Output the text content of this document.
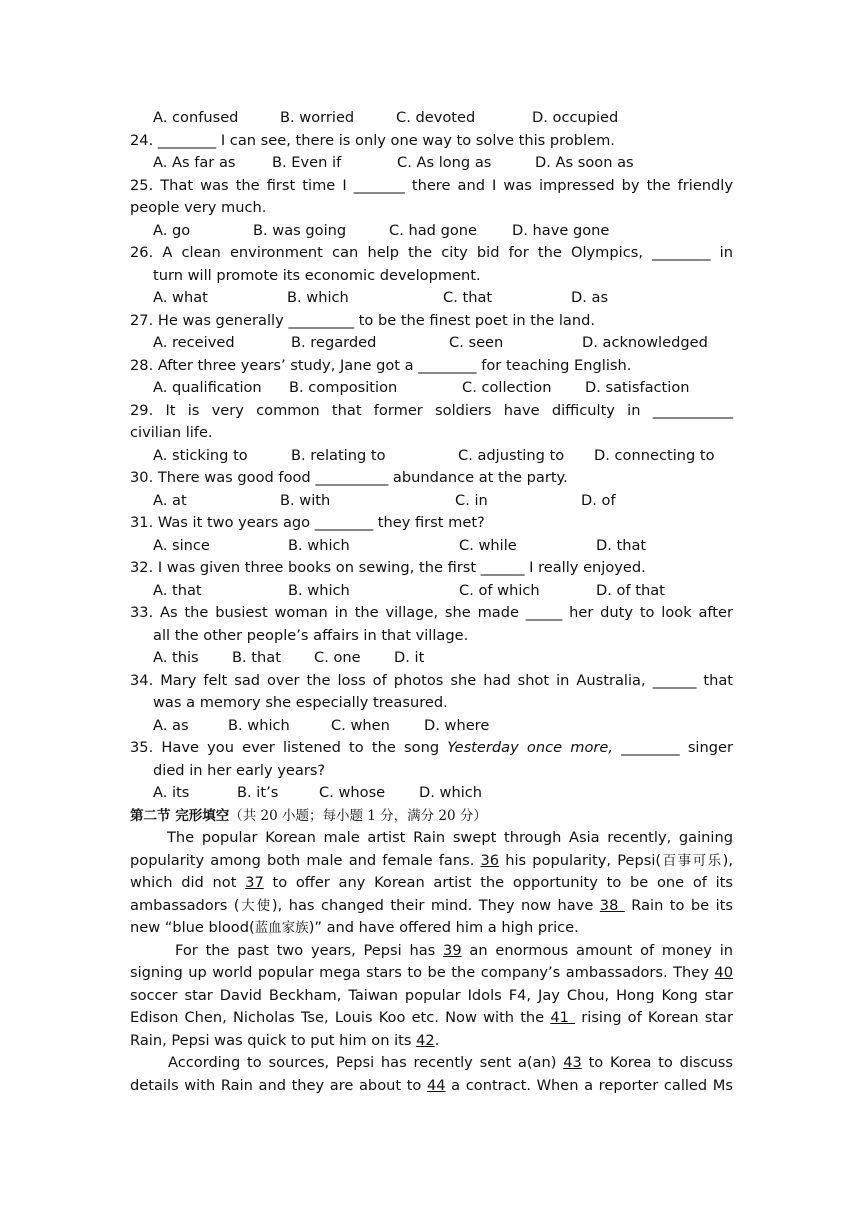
A. confused	B. worried	C. devoted	D. occupied
24. ________ I can see, there is only one way to solve this problem.
A. As far as	B. Even if	C. As long as	D. As soon as
25. That was the first time I _______ there and I was impressed by the friendly
people very much.
A. go	B. was going	C. had gone D. have gone
26. A clean environment can help the city bid for the Olympics, ________ in
turn will promote its economic development.
A. what	B. which	C. that	D. as
27. He was generally _________ to be the finest poet in the land.
A. received	B. regarded	C. seen	D. acknowledged
28. After three years’ study, Jane got a ________ for teaching English.
A. qualification B. composition	C. collection D. satisfaction
29. It is very common that former soldiers have difficulty in ___________
civilian life.
A. sticking to	B. relating to	C. adjusting to D. connecting to
30. There was good food __________ abundance at the party.
A. at	B. with	C. in	D. of
31. Was it two years ago ________ they first met?
A. since	B. which	C. while	D. that
32. I was given three books on sewing, the first ______ I really enjoyed.
A. that	B. which	C. of which	D. of that
33. As the busiest woman in the village, she made _____ her duty to look after
all the other people’s affairs in that village.
A. this B. that C. one D. it
34. Mary felt sad over the loss of photos she had shot in Australia, ______ that
was a memory she especially treasured.
A. as	B. which	C. when D. where
35. Have you ever listened to the song Yesterday once more, ________ singer
died in her early years?
A. its	B. it’s	C. whose D. which
第二节 完形填空（共 20 小题；每小题 1 分，满分 20 分）
The popular Korean male artist Rain swept through Asia recently, gaining
popularity among both male and female fans. 36 his popularity, Pepsi(百事可乐),
which did not 37 to offer any Korean artist the opportunity to be one of its
ambassadors (大使), has changed their mind. They now have 38  Rain to be its
new “blue blood(蓝血家族)” and have offered him a high price.
For the past two years, Pepsi has 39 an enormous amount of money in
signing up world popular mega stars to be the company’s ambassadors. They 40
soccer star David Beckham, Taiwan popular Idols F4, Jay Chou, Hong Kong star
Edison Chen, Nicholas Tse, Louis Koo etc. Now with the 41  rising of Korean star
Rain, Pepsi was quick to put him on its 42.
According to sources, Pepsi has recently sent a(an) 43 to Korea to discuss
details with Rain and they are about to 44 a contract. When a reporter called Ms
